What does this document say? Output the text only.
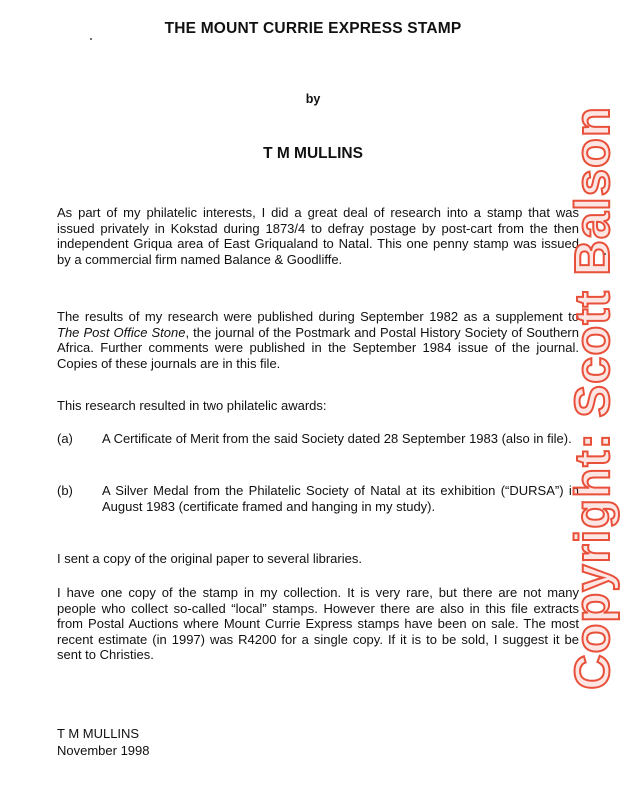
THE MOUNT CURRIE EXPRESS STAMP
by
T M MULLINS
As part of my philatelic interests, I did a great deal of research into a stamp that was issued privately in Kokstad during 1873/4 to defray postage by post-cart from the then independent Griqua area of East Griqualand to Natal. This one penny stamp was issued by a commercial firm named Balance & Goodliffe.
The results of my research were published during September 1982 as a supplement to The Post Office Stone, the journal of the Postmark and Postal History Society of Southern Africa. Further comments were published in the September 1984 issue of the journal. Copies of these journals are in this file.
This research resulted in two philatelic awards:
(a) A Certificate of Merit from the said Society dated 28 September 1983 (also in file).
(b) A Silver Medal from the Philatelic Society of Natal at its exhibition (“DURSA”) in August 1983 (certificate framed and hanging in my study).
I sent a copy of the original paper to several libraries.
I have one copy of the stamp in my collection. It is very rare, but there are not many people who collect so-called “local” stamps. However there are also in this file extracts from Postal Auctions where Mount Currie Express stamps have been on sale. The most recent estimate (in 1997) was R4200 for a single copy. If it is to be sold, I suggest it be sent to Christies.
T M MULLINS
November 1998
Copyright: Scott Balson
